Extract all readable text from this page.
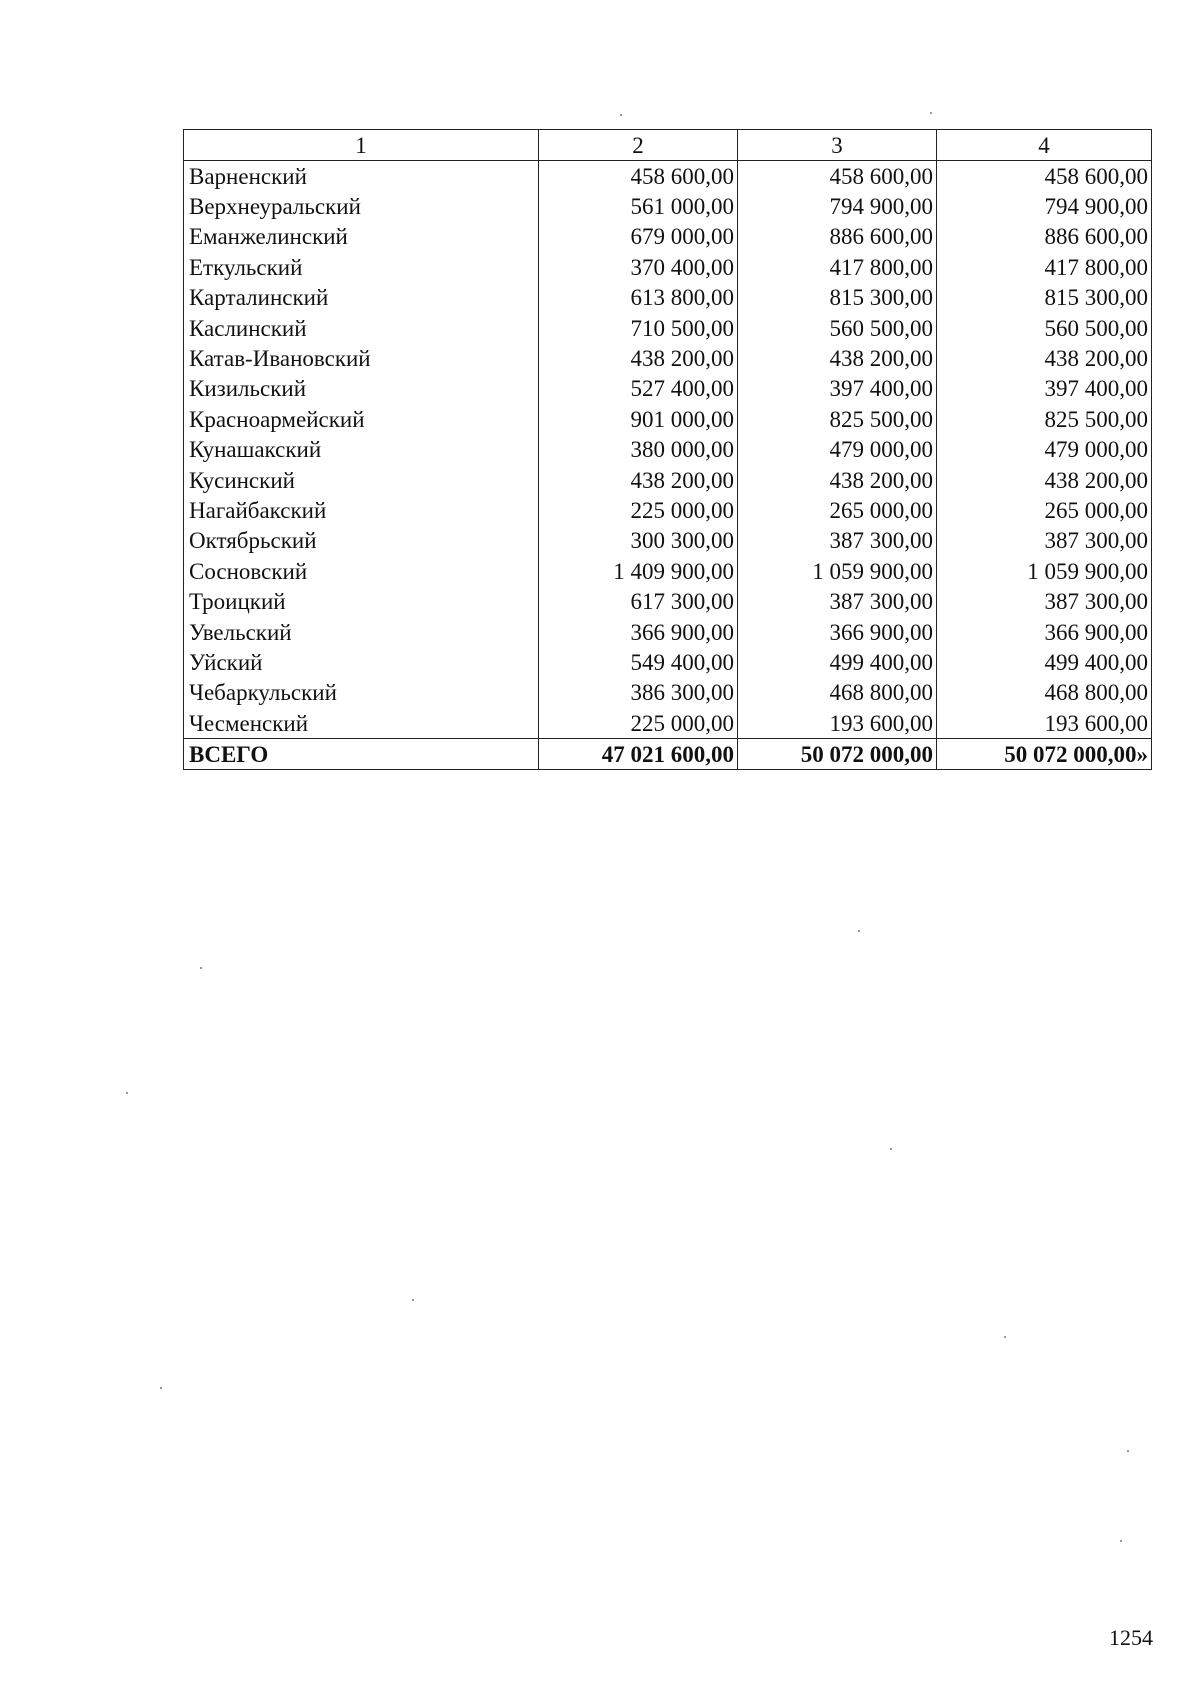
1	2	3	4
Варненский	458 600,00	458 600,00	458 600,00
Верхнеуральский	561 000,00	794 900,00	794 900,00
Еманжелинский	679 000,00	886 600,00	886 600,00
Еткульский	370 400,00	417 800,00	417 800,00
Карталинский	613 800,00	815 300,00	815 300,00
Каслинский	710 500,00	560 500,00	560 500,00
Катав-Ивановский	438 200,00	438 200,00	438 200,00
Кизильский	527 400,00	397 400,00	397 400,00
Красноармейский	901 000,00	825 500,00	825 500,00
Кунашакский	380 000,00	479 000,00	479 000,00
Кусинский	438 200,00	438 200,00	438 200,00
Нагайбакский	225 000,00	265 000,00	265 000,00
Октябрьский	300 300,00	387 300,00	387 300,00
Сосновский	1 409 900,00	1 059 900,00	1 059 900,00
Троицкий	617 300,00	387 300,00	387 300,00
Увельский	366 900,00	366 900,00	366 900,00
Уйский	549 400,00	499 400,00	499 400,00
Чебаркульский	386 300,00	468 800,00	468 800,00
Чесменский	225 000,00	193 600,00	193 600,00
ВСЕГО	47 021 600,00	50 072 000,00	50 072 000,00»
1254
